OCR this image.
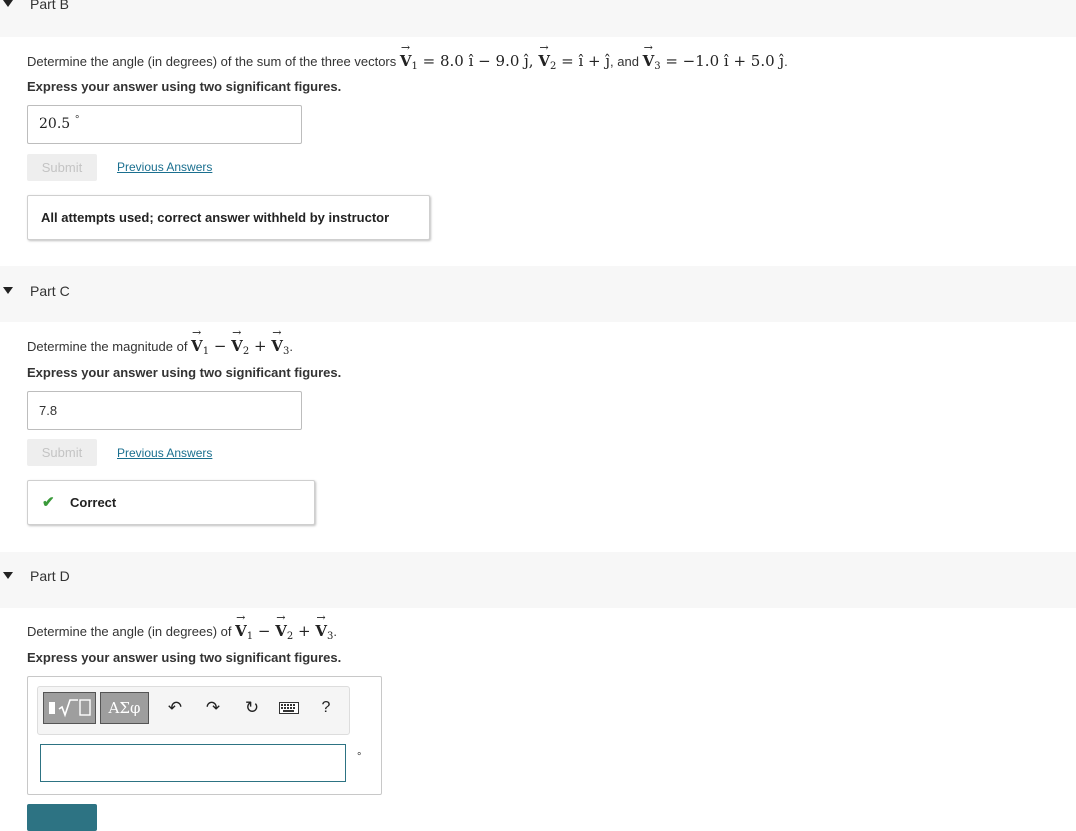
Part B
Determine the angle (in degrees) of the sum of the three vectors → $V_1 = 8.0$ î − 9.0 ĵ, → $V_2$ = î + ĵ, and → $V_3 = -1.0$ î + 5.0 ĵ.
Express your answer using two significant figures.
20.5 °
Submit	Previous Answers
All attempts used; correct answer withheld by instructor
Part C
Determine the magnitude of → $V_1$ − → $V_2$ + → $V_3$.
Express your answer using two significant figures.
7.8
Submit	Previous Answers
✔ Correct
Part D
Determine the angle (in degrees) of → $V_1$ − → $V_2$ + → $V_3$.
Express your answer using two significant figures.
ΑΣφ	↶	↷	↻	?
°
